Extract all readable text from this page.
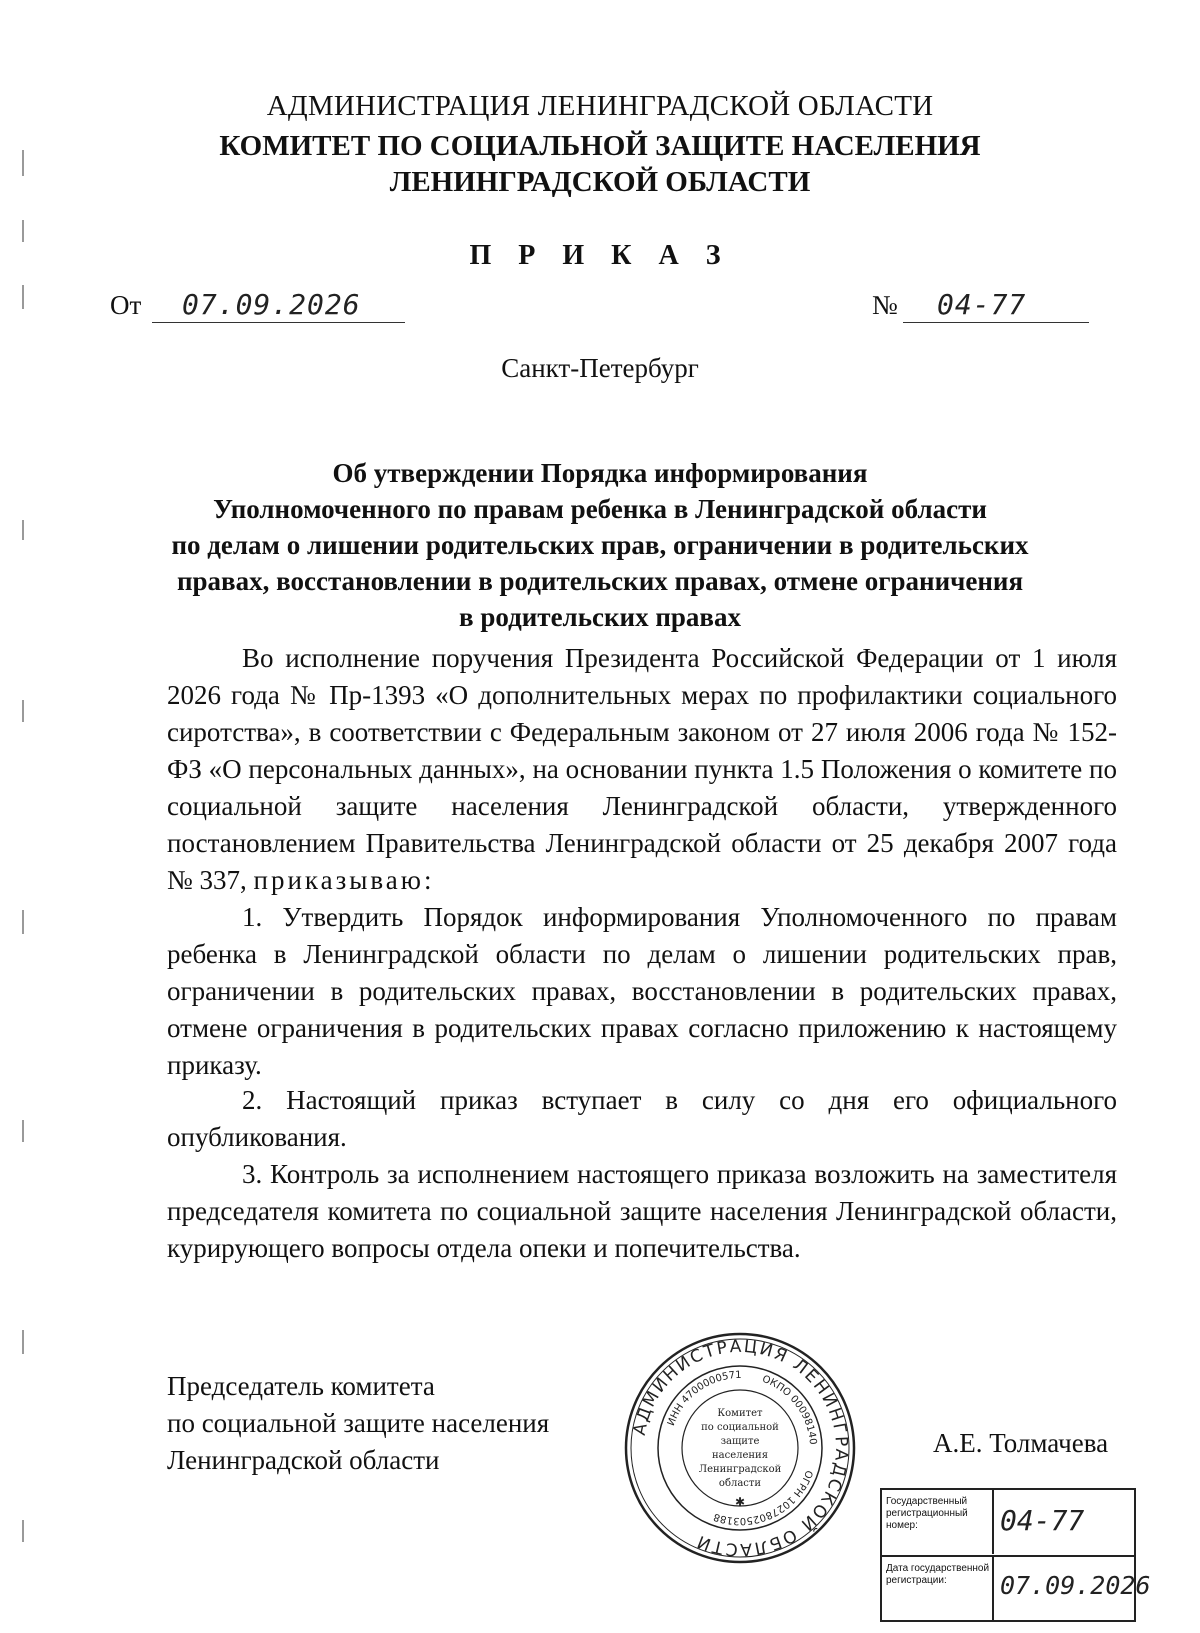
АДМИНИСТРАЦИЯ ЛЕНИНГРАДСКОЙ ОБЛАСТИ
КОМИТЕТ ПО СОЦИАЛЬНОЙ ЗАЩИТЕ НАСЕЛЕНИЯ
ЛЕНИНГРАДСКОЙ ОБЛАСТИ
П Р И К А З
От 07.09.2026	№ 04-77
Санкт-Петербург
Об утверждении Порядка информирования
Уполномоченного по правам ребенка в Ленинградской области
по делам о лишении родительских прав, ограничении в родительских
правах, восстановлении в родительских правах, отмене ограничения
в родительских правах
Во исполнение поручения Президента Российской Федерации от 1 июля 2026 года № Пр-1393 «О дополнительных мерах по профилактики социального сиротства», в соответствии с Федеральным законом от 27 июля 2006 года № 152-ФЗ «О персональных данных», на основании пункта 1.5 Положения о комитете по социальной защите населения Ленинградской области, утвержденного постановлением Правительства Ленинградской области от 25 декабря 2007 года № 337, приказываю:
1. Утвердить Порядок информирования Уполномоченного по правам ребенка в Ленинградской области по делам о лишении родительских прав, ограничении в родительских правах, восстановлении в родительских правах, отмене ограничения в родительских правах согласно приложению к настоящему приказу.
2. Настоящий приказ вступает в силу со дня его официального опубликования.
3. Контроль за исполнением настоящего приказа возложить на заместителя председателя комитета по социальной защите населения Ленинградской области, курирующего вопросы отдела опеки и попечительства.
Председатель комитета
по социальной защите населения
Ленинградской области
А.Е. Толмачева
АДМИНИСТРАЦИЯ ЛЕНИНГРАДСКОЙ ОБЛАСТИ
ОКПО 00098140
ОГРН 1027802503188
ИНН 4700000571
Комитет
по социальной
защите
населения
Ленинградской
области
✱	Государственный регистрационный номер:	04-77
Дата государственной регистрации:	07.09.2026
